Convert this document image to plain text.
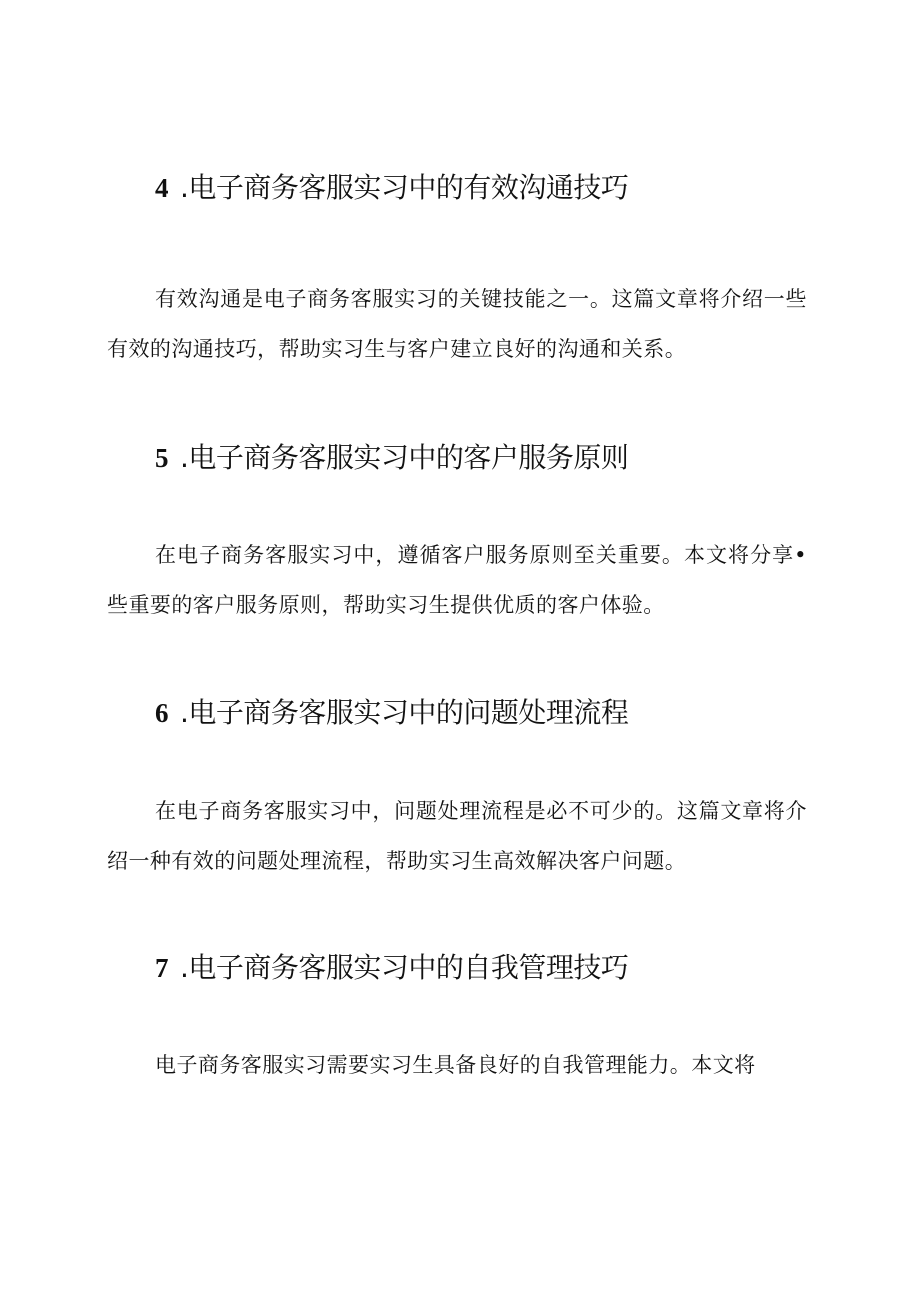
4 .电子商务客服实习中的有效沟通技巧

有效沟通是电子商务客服实习的关键技能之一。这篇文章将介绍一些有效的沟通技巧，帮助实习生与客户建立良好的沟通和关系。

5 .电子商务客服实习中的客户服务原则

在电子商务客服实习中，遵循客户服务原则至关重要。本文将分享•些重要的客户服务原则，帮助实习生提供优质的客户体验。

6 .电子商务客服实习中的问题处理流程

在电子商务客服实习中，问题处理流程是必不可少的。这篇文章将介绍一种有效的问题处理流程，帮助实习生高效解决客户问题。

7 .电子商务客服实习中的自我管理技巧

电子商务客服实习需要实习生具备良好的自我管理能力。本文将
